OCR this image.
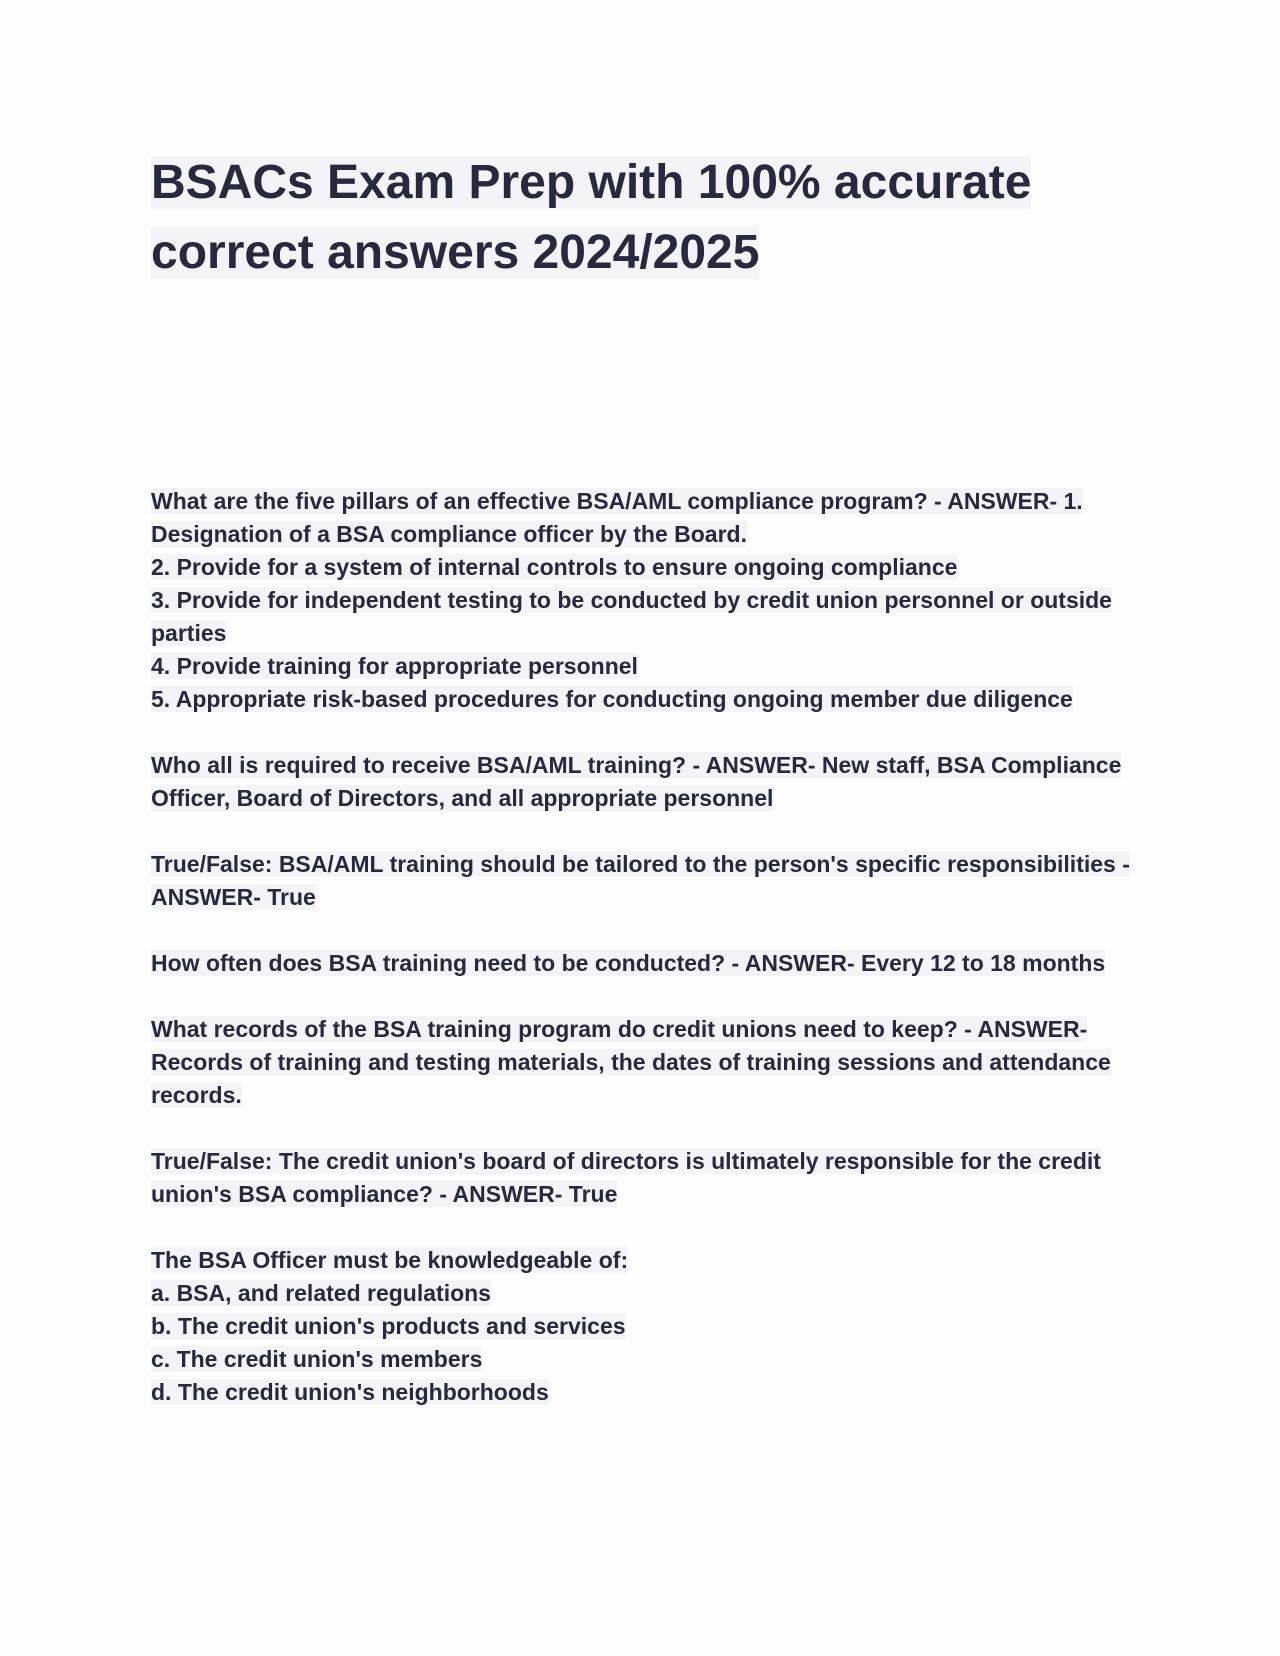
BSACs Exam Prep with 100% accurate correct answers 2024/2025
What are the five pillars of an effective BSA/AML compliance program? - ANSWER- 1. Designation of a BSA compliance officer by the Board.
2. Provide for a system of internal controls to ensure ongoing compliance
3. Provide for independent testing to be conducted by credit union personnel or outside parties
4. Provide training for appropriate personnel
5. Appropriate risk-based procedures for conducting ongoing member due diligence
Who all is required to receive BSA/AML training? - ANSWER- New staff, BSA Compliance Officer, Board of Directors, and all appropriate personnel
True/False: BSA/AML training should be tailored to the person's specific responsibilities - ANSWER- True
How often does BSA training need to be conducted? - ANSWER- Every 12 to 18 months
What records of the BSA training program do credit unions need to keep? - ANSWER- Records of training and testing materials, the dates of training sessions and attendance records.
True/False: The credit union's board of directors is ultimately responsible for the credit union's BSA compliance? - ANSWER- True
The BSA Officer must be knowledgeable of:
a. BSA, and related regulations
b. The credit union's products and services
c. The credit union's members
d. The credit union's neighborhoods
